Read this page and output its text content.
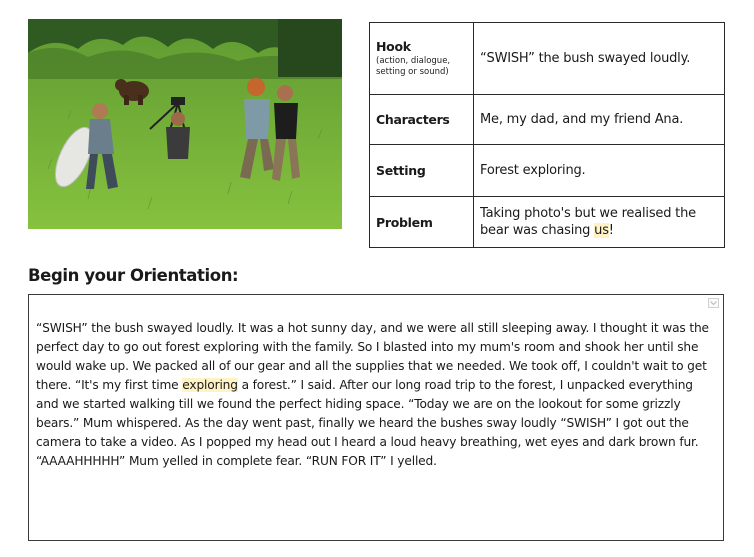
Hook
(action, dialogue, setting or sound)	“SWISH” the bush swayed loudly.

Characters	Me, my dad, and my friend Ana.

Setting	Forest exploring.

Problem	Taking photo's but we realised the bear was chasing us!
Begin your Orientation:

“SWISH” the bush swayed loudly. It was a hot sunny day, and we were all still sleeping away. I thought it was the perfect day to go out forest exploring with the family. So I blasted into my mum's room and shook her until she would wake up. We packed all of our gear and all the supplies that we needed. We took off, I couldn't wait to get there. “It's my first time exploring a forest.” I said. After our long road trip to the forest, I unpacked everything and we started walking till we found the perfect hiding space. “Today we are on the lookout for some grizzly bears.” Mum whispered. As the day went past, finally we heard the bushes sway loudly “SWISH” I got out the camera to take a video. As I popped my head out I heard a loud heavy breathing, wet eyes and dark brown fur. “AAAAHHHHH” Mum yelled in complete fear. “RUN FOR IT” I yelled.
